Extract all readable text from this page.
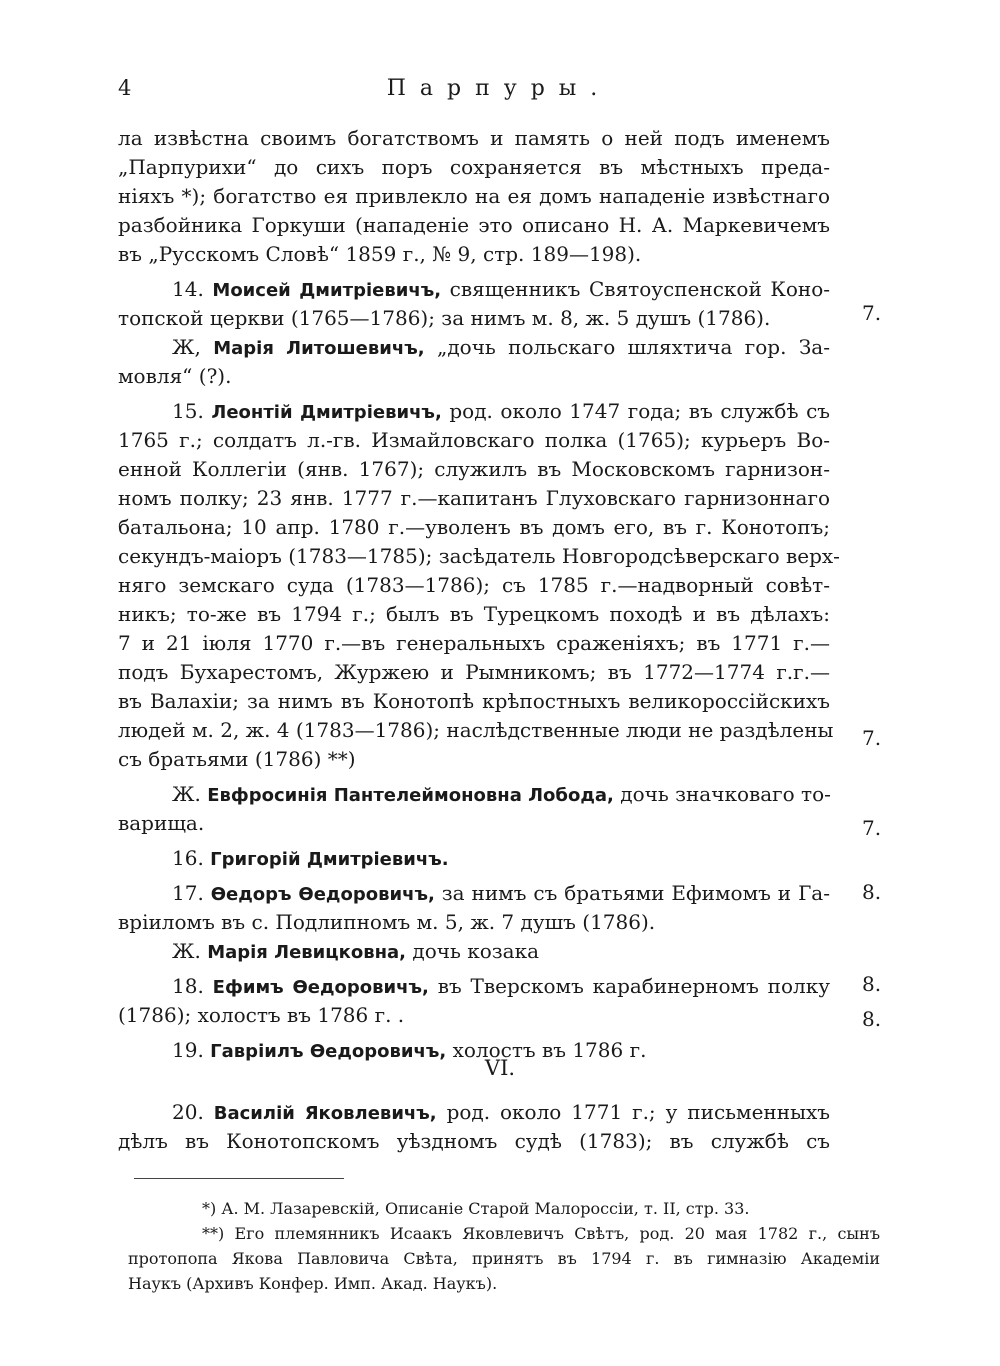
4	Парпуры.
ла извѣстна своимъ богатствомъ и память о ней подъ именемъ
„Парпурихи“ до сихъ поръ сохраняется въ мѣстныхъ преда-
ніяхъ *); богатство ея привлекло на ея домъ нападеніе извѣстнаго
разбойника Горкуши (нападеніе это описано Н. А. Маркевичемъ
въ „Русскомъ Словѣ“ 1859 г., № 9, стр. 189—198).
14. Моисей Дмитріевичъ, священникъ Святоуспенской Коно-
топской церкви (1765—1786); за нимъ м. 8, ж. 5 душъ (1786).
Ж, Марія Литошевичъ, „дочь польскаго шляхтича гор. За-
мовля“ (?).
15. Леонтій Дмитріевичъ, род. около 1747 года; въ службѣ съ
1765 г.; солдатъ л.-гв. Измайловскаго полка (1765); курьеръ Во-
енной Коллегіи (янв. 1767); служилъ въ Московскомъ гарнизон-
номъ полку; 23 янв. 1777 г.—капитанъ Глуховскаго гарнизоннаго
батальона; 10 апр. 1780 г.—уволенъ въ домъ его, въ г. Конотопъ;
секундъ-маіоръ (1783—1785); засѣдатель Новгородсѣверскаго верх-
няго земскаго суда (1783—1786); съ 1785 г.—надворный совѣт-
никъ; то-же въ 1794 г.; былъ въ Турецкомъ походѣ и въ дѣлахъ:
7 и 21 іюля 1770 г.—въ генеральныхъ сраженіяхъ; въ 1771 г.—
подъ Бухарестомъ, Журжею и Рымникомъ; въ 1772—1774 г.г.—
въ Валахіи; за нимъ въ Конотопѣ крѣпостныхъ великороссійскихъ
людей м. 2, ж. 4 (1783—1786); наслѣдственные люди не раздѣлены
съ братьями (1786) **)
Ж. Евфросинія Пантелеймоновна Лобода, дочь значковаго то-
варища.
16. Григорій Дмитріевичъ.
17. Өедоръ Өедоровичъ, за нимъ съ братьями Ефимомъ и Га-
вріиломъ въ с. Подлипномъ м. 5, ж. 7 душъ (1786).
Ж. Марія Левицковна, дочь козака
18. Ефимъ Өедоровичъ, въ Тверскомъ карабинерномъ полку
(1786); холостъ въ 1786 г. .
19. Гавріилъ Өедоровичъ, холостъ въ 1786 г.
7.
7.
7.
8.
8.
8.
VI.
20. Василій Яковлевичъ, род. около 1771 г.; у письменныхъ
дѣлъ въ Конотопскомъ уѣздномъ судѣ (1783); въ службѣ съ
*) А. М. Лазаревскій, Описаніе Старой Малороссіи, т. II, стр. 33.
**) Его племянникъ Исаакъ Яковлевичъ Свѣтъ, род. 20 мая 1782 г., сынъ
протопопа Якова Павловича Свѣта, принятъ въ 1794 г. въ гимназію Академіи
Наукъ (Архивъ Конфер. Имп. Акад. Наукъ).
